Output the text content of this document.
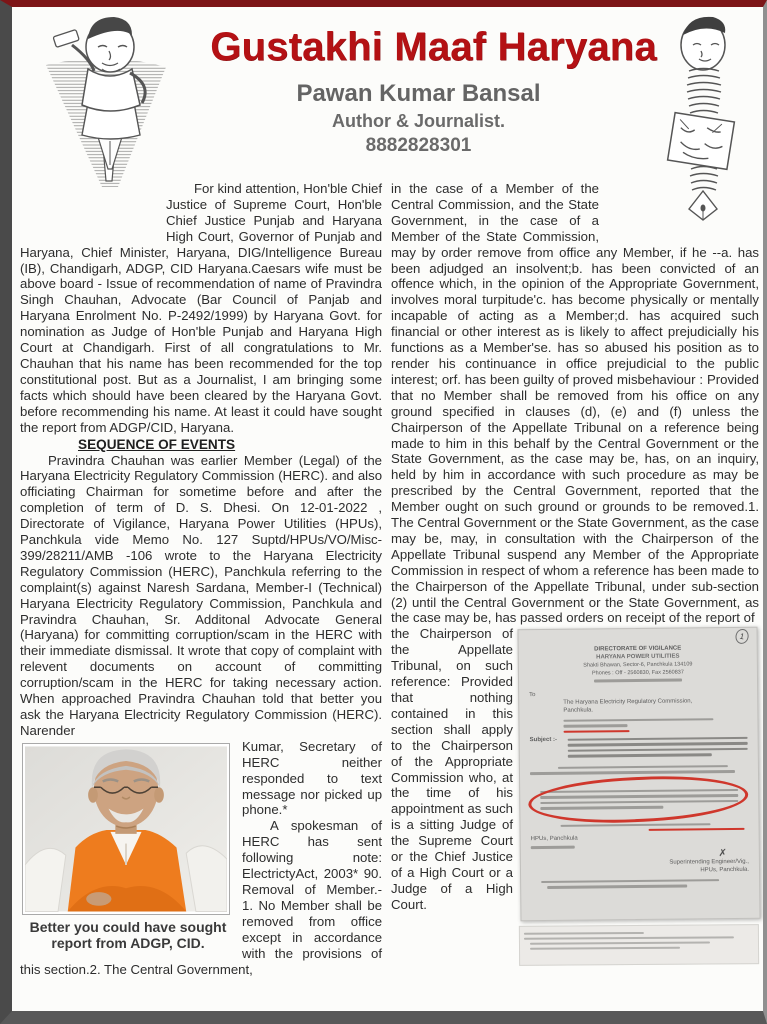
Gustakhi Maaf Haryana
Pawan Kumar Bansal
Author & Journalist.
8882828301

For kind attention, Hon'ble Chief Justice of Supreme Court, Hon'ble Chief Justice Punjab and Haryana High Court, Governor of Punjab and Haryana, Chief Minister, Haryana, DIG/Intelligence Bureau (IB), Chandigarh, ADGP, CID Haryana.Caesars wife must be above board - Issue of recommendation of name of Pravindra Singh Chauhan, Advocate (Bar Council of Panjab and Haryana Enrolment No. P-2492/1999) by Haryana Govt. for nomination as Judge of Hon'ble Punjab and Haryana High Court at Chandigarh. First of all congratulations to Mr. Chauhan that his name has been recommended for the top constitutional post. But as a Journalist, I am bringing some facts which should have been cleared by the Haryana Govt. before recommending his name. At least it could have sought the report from ADGP/CID, Haryana.

SEQUENCE OF EVENTS

Pravindra Chauhan was earlier Member (Legal) of the Haryana Electricity Regulatory Commission (HERC). and also officiating Chairman for sometime before and after the completion of term of D. S. Dhesi. On 12-01-2022 , Directorate of Vigilance, Haryana Power Utilities (HPUs), Panchkula vide Memo No. 127 Suptd/HPUs/VO/Misc-399/28211/AMB -106 wrote to the Haryana Electricity Regulatory Commission (HERC), Panchkula referring to the complaint(s) against Naresh Sardana, Member-I (Technical) Haryana Electricity Regulatory Commission, Panchkula and Pravindra Chauhan, Sr. Additonal Advocate General (Haryana) for committing corruption/scam in the HERC with their immediate dismissal. It wrote that copy of complaint with relevent documents on account of committing corruption/scam in the HERC for taking necessary action. When approached Pravindra Chauhan told that better you ask the Haryana Electricity Regulatory Commission (HERC). Narender

Better you could have sought report from ADGP, CID.

Kumar, Secretary of HERC neither responded to text message nor picked up phone.*

A spokesman of HERC has sent following note: ElectrictyAct, 2003* 90. Removal of Member.- 1. No Member shall be removed from office except in accordance with the provisions of this section.2. The Central Government,

in the case of a Member of the Central Commission, and the State Government, in the case of a Member of the State Commission, may by order remove from office any Member, if he --a. has been adjudged an insolvent;b. has been convicted of an offence which, in the opinion of the Appropriate Government, involves moral turpitude'c. has become physically or mentally incapable of acting as a Member;d. has acquired such financial or other interest as is likely to affect prejudicially his functions as a Member'se. has so abused his position as to render his continuance in office prejudicial to the public interest; orf. has been guilty of proved misbehaviour : Provided that no Member shall be removed from his office on any ground specified in clauses (d), (e) and (f) unless the Chairperson of the Appellate Tribunal on a reference being made to him in this behalf by the Central Government or the State Government, as the case may be, has, on an inquiry, held by him in accordance with such procedure as may be prescribed by the Central Government, reported that the Member ought on such ground or grounds to be removed.1. The Central Government or the State Government, as the case may be, may, in consultation with the Chairperson of the Appellate Tribunal suspend any Member of the Appropriate Commission in respect of whom a reference has been made to the Chairperson of the Appellate Tribunal, under sub-section (2) until the Central Government or the State Government, as the case may be, has passed orders on receipt of the report of

1
DIRECTORATE OF VIGILANCE
HARYANA POWER UTILITIES
Shakti Bhawan, Sector-6, Panchkula 134109
Phones : Off - 2560830, Fax 2560837
To
The Haryana Electricity Regulatory Commission,
Panchkula.
Subject :-
HPUs, Panchkula
✗
Superintending Engineer/Vig.,
HPUs, Panchkula.

the Chairperson of the Appellate Tribunal, on such reference: Provided that nothing contained in this section shall apply to the Chairperson of the Appropriate Commission who, at the time of his appointment as such is a sitting Judge of the Supreme Court or the Chief Justice of a High Court or a Judge of a High Court.
